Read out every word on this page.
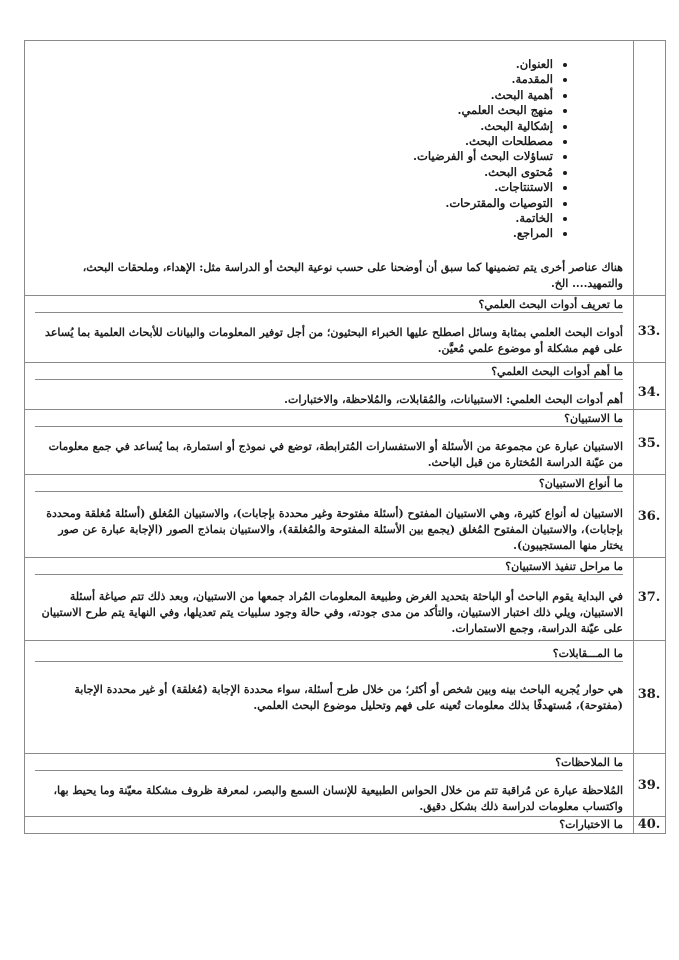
• العنوان.
• المقدمة.
• أهمية البحث.
• منهج البحث العلمي.
• إشكالية البحث.
• مصطلحات البحث.
• تساؤلات البحث أو الفرضيات.
• مُحتوى البحث.
• الاستنتاجات.
• التوصيات والمقترحات.
• الخاتمة.
• المراجع.
هناك عناصر أخرى يتم تضمينها كما سبق أن أوضحنا على حسب نوعية البحث أو الدراسة مثل: الإهداء، وملحقات البحث، والتمهيد.... الخ.
ما تعريف أدوات البحث العلمي؟
أدوات البحث العلمي بمثابة وسائل اصطلح عليها الخبراء البحثيون؛ من أجل توفير المعلومات والبيانات للأبحاث العلمية بما يُساعد على فهم مشكلة أو موضوع علمي مُعيَّن.
33.
ما أهم أدوات البحث العلمي؟
أهم أدوات البحث العلمي: الاستبيانات، والمُقابلات، والمُلاحظة، والاختبارات.	34.
ما الاستبيان؟
الاستبيان عبارة عن مجموعة من الأسئلة أو الاستفسارات المُترابطة، توضع في نموذج أو استمارة، بما يُساعد في جمع معلومات من عيّنة الدراسة المُختارة من قبل الباحث.
35.
ما أنواع الاستبيان؟
الاستبيان له أنواع كثيرة، وهي الاستبيان المفتوح (أسئلة مفتوحة وغير محددة بإجابات)، والاستبيان المُغلق (أسئلة مُغلقة ومحددة بإجابات)، والاستبيان المفتوح المُغلق (يجمع بين الأسئلة المفتوحة والمُغلقة)، والاستبيان بنماذج الصور (الإجابة عبارة عن صور يختار منها المستجيبون).
36.
ما مراحل تنفيذ الاستبيان؟
في البداية يقوم الباحث أو الباحثة بتحديد الغرض وطبيعة المعلومات المُراد جمعها من الاستبيان، وبعد ذلك تتم صياغة أسئلة الاستبيان، ويلي ذلك اختبار الاستبيان، والتأكد من مدى جودته، وفي حالة وجود سلبيات يتم تعديلها، وفي النهاية يتم طرح الاستبيان على عيّنة الدراسة، وجمع الاستمارات.
37.
ما المـــقابلات؟
هي حوار يُجريه الباحث بينه وبين شخص أو أكثر؛ من خلال طرح أسئلة، سواء محددة الإجابة (مُغلقة) أو غير محددة الإجابة (مفتوحة)، مُستهدفًا بذلك معلومات تُعينه على فهم وتحليل موضوع البحث العلمي.
38.
ما الملاحظات؟
المُلاحظة عبارة عن مُراقبة تتم من خلال الحواس الطبيعية للإنسان السمع والبصر، لمعرفة ظروف مشكلة معيّنة وما يحيط بها، واكتساب معلومات لدراسة ذلك بشكل دقيق.
39.
ما الاختبارات؟	40.
